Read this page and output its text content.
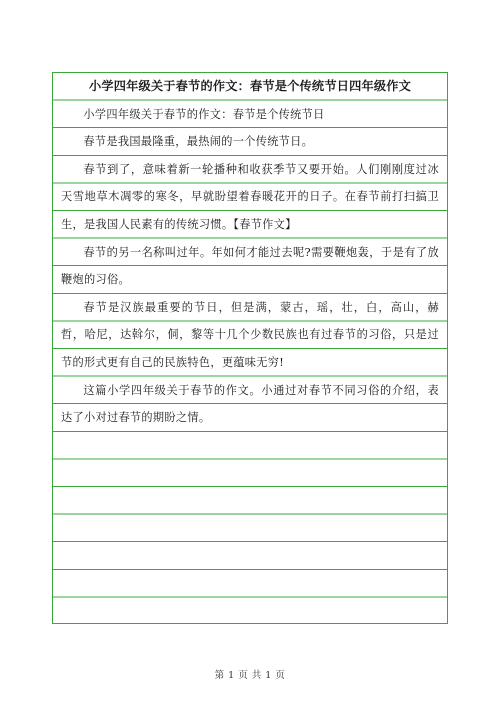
小学四年级关于春节的作文：春节是个传统节日四年级作文

小学四年级关于春节的作文：春节是个传统节日

春节是我国最隆重，最热闹的一个传统节日。

春节到了，意味着新一轮播种和收获季节又要开始。人们刚刚度过冰天雪地草木凋零的寒冬，早就盼望着春暖花开的日子。在春节前打扫搞卫生，是我国人民素有的传统习惯。【春节作文】

春节的另一名称叫过年。年如何才能过去呢?需要鞭炮轰，于是有了放鞭炮的习俗。

春节是汉族最重要的节日，但是满，蒙古，瑶，壮，白，高山，赫哲，哈尼，达斡尔，侗，黎等十几个少数民族也有过春节的习俗，只是过节的形式更有自己的民族特色，更蕴味无穷!

这篇小学四年级关于春节的作文。小通过对春节不同习俗的介绍，表达了小对过春节的期盼之情。

第 1 页 共 1 页
